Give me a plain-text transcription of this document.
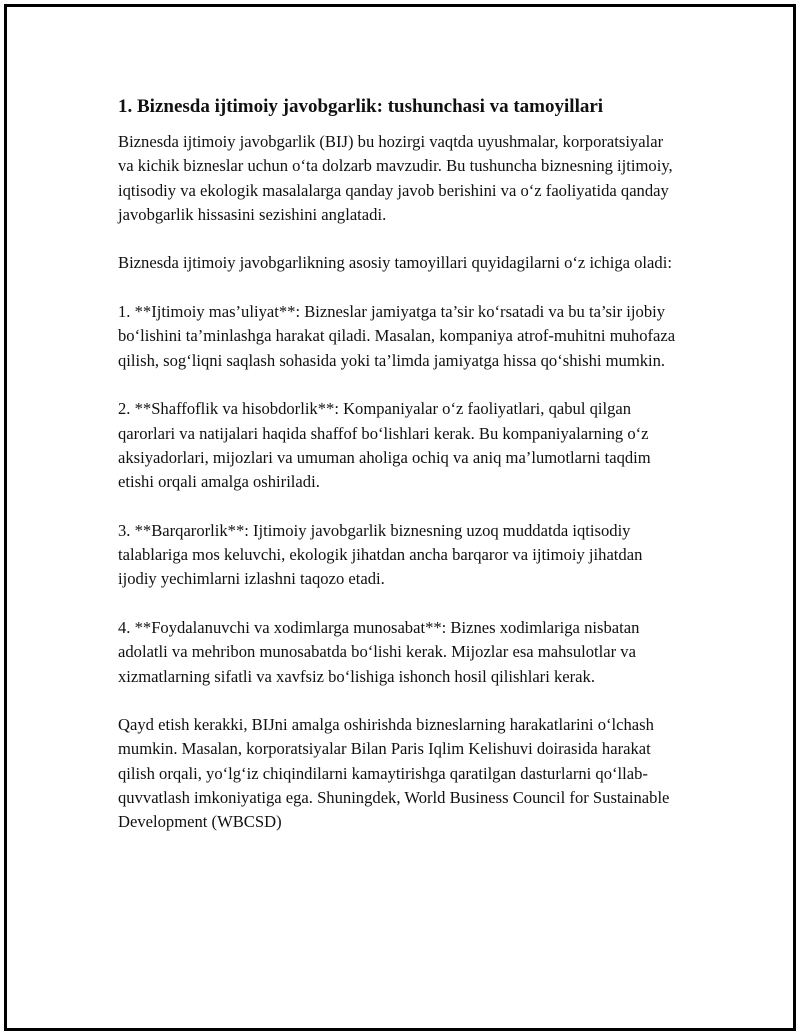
1. Biznesda ijtimoiy javobgarlik: tushunchasi va tamoyillari

Biznesda ijtimoiy javobgarlik (BIJ) bu hozirgi vaqtda uyushmalar, korporatsiyalar va kichik bizneslar uchun o‘ta dolzarb mavzudir. Bu tushuncha biznesning ijtimoiy, iqtisodiy va ekologik masalalarga qanday javob berishini va o‘z faoliyatida qanday javobgarlik hissasini sezishini anglatadi.

Biznesda ijtimoiy javobgarlikning asosiy tamoyillari quyidagilarni o‘z ichiga oladi:

1. **Ijtimoiy mas’uliyat**: Bizneslar jamiyatga ta’sir ko‘rsatadi va bu ta’sir ijobiy bo‘lishini ta’minlashga harakat qiladi. Masalan, kompaniya atrof-muhitni muhofaza qilish, sog‘liqni saqlash sohasida yoki ta’limda jamiyatga hissa qo‘shishi mumkin.

2. **Shaffoflik va hisobdorlik**: Kompaniyalar o‘z faoliyatlari, qabul qilgan qarorlari va natijalari haqida shaffof bo‘lishlari kerak. Bu kompaniyalarning o‘z aksiyadorlari, mijozlari va umuman aholiga ochiq va aniq ma’lumotlarni taqdim etishi orqali amalga oshiriladi.

3. **Barqarorlik**: Ijtimoiy javobgarlik biznesning uzoq muddatda iqtisodiy talablariga mos keluvchi, ekologik jihatdan ancha barqaror va ijtimoiy jihatdan ijodiy yechimlarni izlashni taqozo etadi.

4. **Foydalanuvchi va xodimlarga munosabat**: Biznes xodimlariga nisbatan adolatli va mehribon munosabatda bo‘lishi kerak. Mijozlar esa mahsulotlar va xizmatlarning sifatli va xavfsiz bo‘lishiga ishonch hosil qilishlari kerak.

Qayd etish kerakki, BIJni amalga oshirishda bizneslarning harakatlarini o‘lchash mumkin. Masalan, korporatsiyalar Bilan Paris Iqlim Kelishuvi doirasida harakat qilish orqali, yo‘lg‘iz chiqindilarni kamaytirishga qaratilgan dasturlarni qo‘llab-quvvatlash imkoniyatiga ega. Shuningdek, World Business Council for Sustainable Development (WBCSD)
